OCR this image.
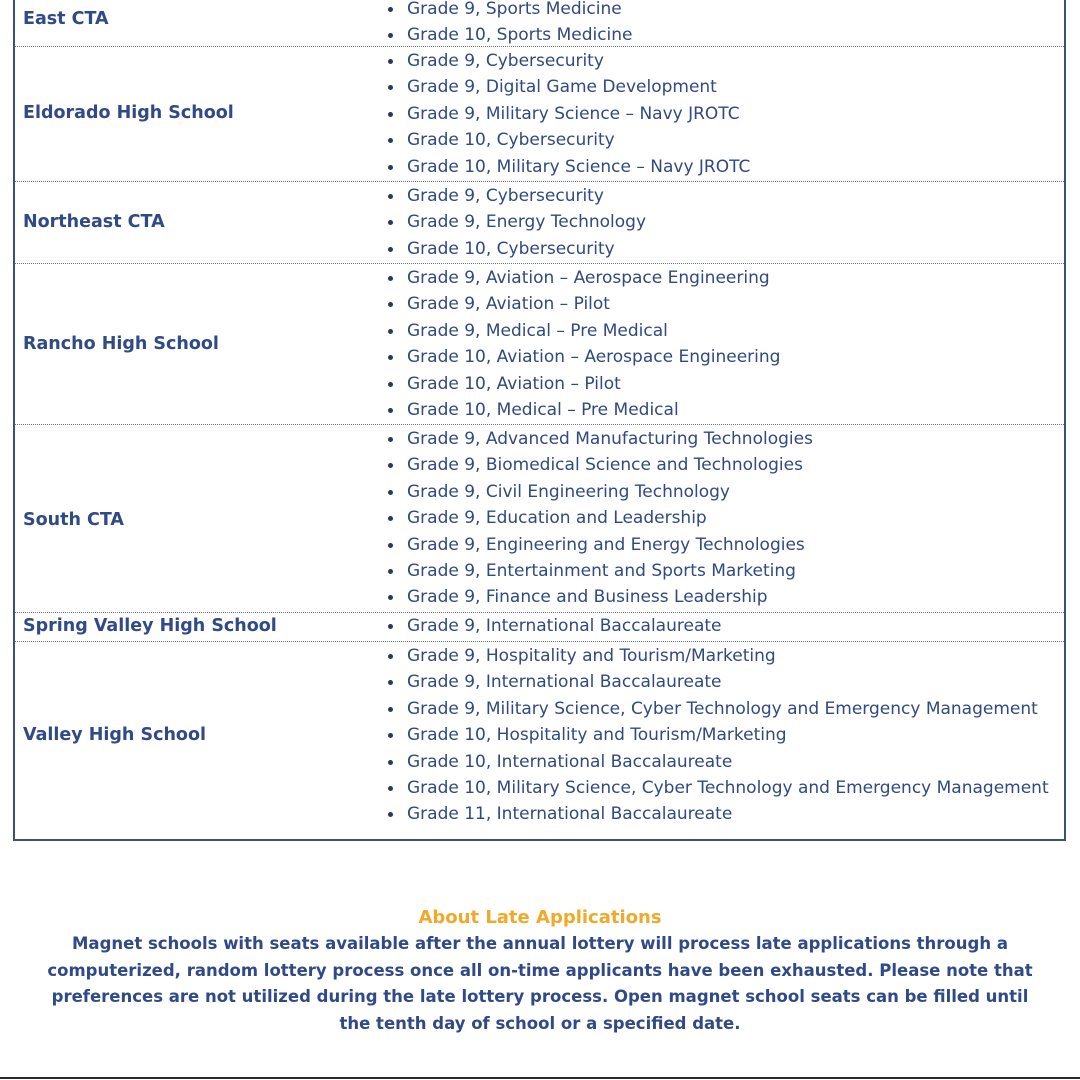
East CTA	Grade 9, Sports Medicine
Grade 10, Sports Medicine
Eldorado High School
Grade 9, Cybersecurity
Grade 9, Digital Game Development
Grade 9, Military Science – Navy JROTC
Grade 10, Cybersecurity
Grade 10, Military Science – Navy JROTC
Northeast CTA
Grade 9, Cybersecurity
Grade 9, Energy Technology
Grade 10, Cybersecurity
Rancho High School
Grade 9, Aviation – Aerospace Engineering
Grade 9, Aviation – Pilot
Grade 9, Medical – Pre Medical
Grade 10, Aviation – Aerospace Engineering
Grade 10, Aviation – Pilot
Grade 10, Medical – Pre Medical
South CTA
Grade 9, Advanced Manufacturing Technologies
Grade 9, Biomedical Science and Technologies
Grade 9, Civil Engineering Technology
Grade 9, Education and Leadership
Grade 9, Engineering and Energy Technologies
Grade 9, Entertainment and Sports Marketing
Grade 9, Finance and Business Leadership
Spring Valley High School	Grade 9, International Baccalaureate
Valley High School
Grade 9, Hospitality and Tourism/Marketing
Grade 9, International Baccalaureate
Grade 9, Military Science, Cyber Technology and Emergency Management
Grade 10, Hospitality and Tourism/Marketing
Grade 10, International Baccalaureate
Grade 10, Military Science, Cyber Technology and Emergency Management
Grade 11, International Baccalaureate
About Late Applications
Magnet schools with seats available after the annual lottery will process late applications through a computerized, random lottery process once all on-time applicants have been exhausted. Please note that preferences are not utilized during the late lottery process. Open magnet school seats can be filled until the tenth day of school or a specified date.
